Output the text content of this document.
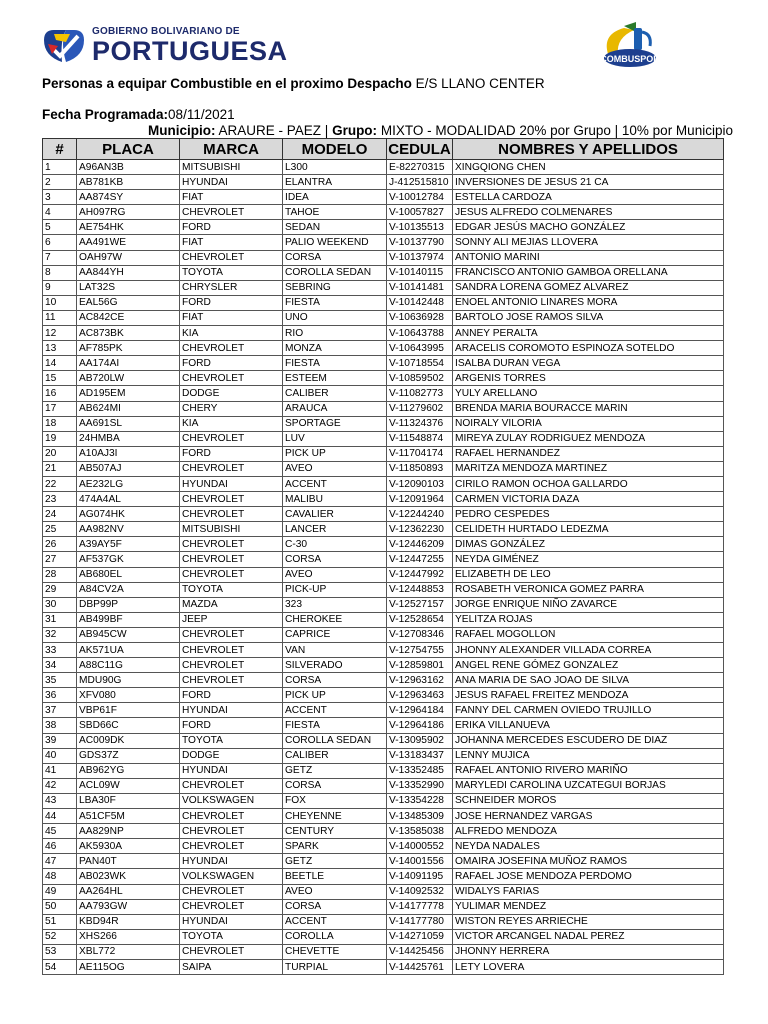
GOBIERNO BOLIVARIANO DE
PORTUGUESA	COMBUSPOR
Personas a equipar Combustible en el proximo Despacho E/S LLANO CENTER
Fecha Programada:08/11/2021
Municipio: ARAURE - PAEZ | Grupo: MIXTO - MODALIDAD 20% por Grupo | 10% por Municipio
#	PLACA	MARCA	MODELO	CEDULA	NOMBRES Y APELLIDOS
1	A96AN3B	MITSUBISHI	L300	E-82270315	XINGQIONG CHEN
2	AB781KB	HYUNDAI	ELANTRA	J-412515810	INVERSIONES DE JESUS 21 CA
3	AA874SY	FIAT	IDEA	V-10012784	ESTELLA CARDOZA
4	AH097RG	CHEVROLET	TAHOE	V-10057827	JESUS ALFREDO COLMENARES
5	AE754HK	FORD	SEDAN	V-10135513	EDGAR JESÚS MACHO GONZÁLEZ
6	AA491WE	FIAT	PALIO WEEKEND	V-10137790	SONNY ALI MEJIAS LLOVERA
7	OAH97W	CHEVROLET	CORSA	V-10137974	ANTONIO MARINI
8	AA844YH	TOYOTA	COROLLA SEDAN	V-10140115	FRANCISCO ANTONIO GAMBOA ORELLANA
9	LAT32S	CHRYSLER	SEBRING	V-10141481	SANDRA LORENA GOMEZ ALVAREZ
10	EAL56G	FORD	FIESTA	V-10142448	ENOEL ANTONIO LINARES MORA
11	AC842CE	FIAT	UNO	V-10636928	BARTOLO JOSE RAMOS SILVA
12	AC873BK	KIA	RIO	V-10643788	ANNEY PERALTA
13	AF785PK	CHEVROLET	MONZA	V-10643995	ARACELIS COROMOTO ESPINOZA SOTELDO
14	AA174AI	FORD	FIESTA	V-10718554	ISALBA DURAN VEGA
15	AB720LW	CHEVROLET	ESTEEM	V-10859502	ARGENIS TORRES
16	AD195EM	DODGE	CALIBER	V-11082773	YULY ARELLANO
17	AB624MI	CHERY	ARAUCA	V-11279602	BRENDA MARIA BOURACCE MARIN
18	AA691SL	KIA	SPORTAGE	V-11324376	NOIRALY VILORIA
19	24HMBA	CHEVROLET	LUV	V-11548874	MIREYA ZULAY RODRIGUEZ MENDOZA
20	A10AJ3I	FORD	PICK UP	V-11704174	RAFAEL HERNANDEZ
21	AB507AJ	CHEVROLET	AVEO	V-11850893	MARITZA MENDOZA MARTINEZ
22	AE232LG	HYUNDAI	ACCENT	V-12090103	CIRILO RAMON OCHOA GALLARDO
23	474A4AL	CHEVROLET	MALIBU	V-12091964	CARMEN VICTORIA DAZA
24	AG074HK	CHEVROLET	CAVALIER	V-12244240	PEDRO CESPEDES
25	AA982NV	MITSUBISHI	LANCER	V-12362230	CELIDETH HURTADO LEDEZMA
26	A39AY5F	CHEVROLET	C-30	V-12446209	DIMAS GONZÁLEZ
27	AF537GK	CHEVROLET	CORSA	V-12447255	NEYDA GIMÉNEZ
28	AB680EL	CHEVROLET	AVEO	V-12447992	ELIZABETH DE LEO
29	A84CV2A	TOYOTA	PICK-UP	V-12448853	ROSABETH VERONICA GOMEZ PARRA
30	DBP99P	MAZDA	323	V-12527157	JORGE ENRIQUE NIÑO ZAVARCE
31	AB499BF	JEEP	CHEROKEE	V-12528654	YELITZA ROJAS
32	AB945CW	CHEVROLET	CAPRICE	V-12708346	RAFAEL MOGOLLON
33	AK571UA	CHEVROLET	VAN	V-12754755	JHONNY ALEXANDER VILLADA CORREA
34	A88C11G	CHEVROLET	SILVERADO	V-12859801	ANGEL RENE GÓMEZ GONZALEZ
35	MDU90G	CHEVROLET	CORSA	V-12963162	ANA MARIA DE SAO JOAO DE SILVA
36	XFV080	FORD	PICK UP	V-12963463	JESUS RAFAEL FREITEZ MENDOZA
37	VBP61F	HYUNDAI	ACCENT	V-12964184	FANNY DEL CARMEN OVIEDO TRUJILLO
38	SBD66C	FORD	FIESTA	V-12964186	ERIKA VILLANUEVA
39	AC009DK	TOYOTA	COROLLA SEDAN	V-13095902	JOHANNA MERCEDES ESCUDERO DE DIAZ
40	GDS37Z	DODGE	CALIBER	V-13183437	LENNY MUJICA
41	AB962YG	HYUNDAI	GETZ	V-13352485	RAFAEL ANTONIO RIVERO MARIÑO
42	ACL09W	CHEVROLET	CORSA	V-13352990	MARYLEDI CAROLINA UZCATEGUI BORJAS
43	LBA30F	VOLKSWAGEN	FOX	V-13354228	SCHNEIDER MOROS
44	A51CF5M	CHEVROLET	CHEYENNE	V-13485309	JOSE HERNANDEZ VARGAS
45	AA829NP	CHEVROLET	CENTURY	V-13585038	ALFREDO MENDOZA
46	AK5930A	CHEVROLET	SPARK	V-14000552	NEYDA NADALES
47	PAN40T	HYUNDAI	GETZ	V-14001556	OMAIRA JOSEFINA MUÑOZ RAMOS
48	AB023WK	VOLKSWAGEN	BEETLE	V-14091195	RAFAEL JOSE MENDOZA PERDOMO
49	AA264HL	CHEVROLET	AVEO	V-14092532	WIDALYS FARIAS
50	AA793GW	CHEVROLET	CORSA	V-14177778	YULIMAR MENDEZ
51	KBD94R	HYUNDAI	ACCENT	V-14177780	WISTON REYES ARRIECHE
52	XHS266	TOYOTA	COROLLA	V-14271059	VICTOR ARCANGEL NADAL PEREZ
53	XBL772	CHEVROLET	CHEVETTE	V-14425456	JHONNY HERRERA
54	AE115OG	SAIPA	TURPIAL	V-14425761	LETY LOVERA
